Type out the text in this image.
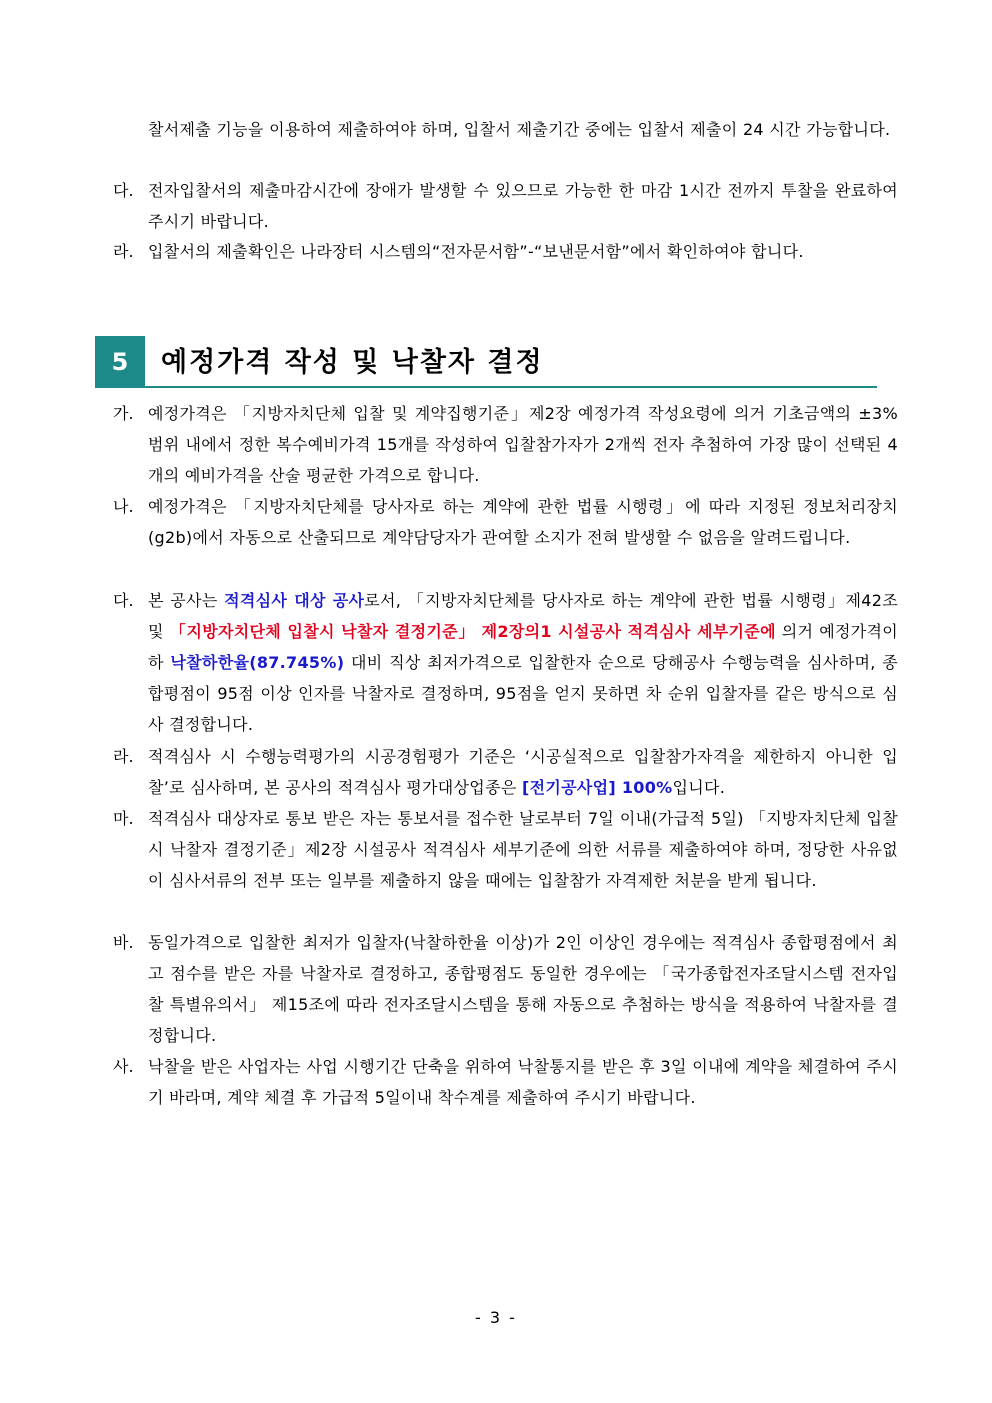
찰서제출 기능을 이용하여 제출하여야 하며, 입찰서 제출기간 중에는 입찰서 제출이 24 시간 가능합니다.
다. 전자입찰서의 제출마감시간에 장애가 발생할 수 있으므로 가능한 한 마감 1시간 전까지 투찰을 완료하여 주시기 바랍니다.
라. 입찰서의 제출확인은 나라장터 시스템의“전자문서함”-“보낸문서함”에서 확인하여야 합니다.
5	예정가격 작성 및 낙찰자 결정
가. 예정가격은 「지방자치단체 입찰 및 계약집행기준」제2장 예정가격 작성요령에 의거 기초금액의 ±3% 범위 내에서 정한 복수예비가격 15개를 작성하여 입찰참가자가 2개씩 전자 추첨하여 가장 많이 선택된 4개의 예비가격을 산술 평균한 가격으로 합니다.
나. 예정가격은 「지방자치단체를 당사자로 하는 계약에 관한 법률 시행령」에 따라 지정된 정보처리장치(g2b)에서 자동으로 산출되므로 계약담당자가 관여할 소지가 전혀 발생할 수 없음을 알려드립니다.
다. 본 공사는 적격심사 대상 공사로서, 「지방자치단체를 당사자로 하는 계약에 관한 법률 시행령」제42조 및 「지방자치단체 입찰시 낙찰자 결정기준」 제2장의1 시설공사 적격심사 세부기준에 의거 예정가격이하 낙찰하한율(87.745%) 대비 직상 최저가격으로 입찰한자 순으로 당해공사 수행능력을 심사하며, 종합평점이 95점 이상 인자를 낙찰자로 결정하며, 95점을 얻지 못하면 차 순위 입찰자를 같은 방식으로 심사 결정합니다.
라. 적격심사 시 수행능력평가의 시공경험평가 기준은 ‘시공실적으로 입찰참가자격을 제한하지 아니한 입찰’로 심사하며, 본 공사의 적격심사 평가대상업종은 [전기공사업] 100%입니다.
마. 적격심사 대상자로 통보 받은 자는 통보서를 접수한 날로부터 7일 이내(가급적 5일) 「지방자치단체 입찰시 낙찰자 결정기준」제2장 시설공사 적격심사 세부기준에 의한 서류를 제출하여야 하며, 정당한 사유없이 심사서류의 전부 또는 일부를 제출하지 않을 때에는 입찰참가 자격제한 처분을 받게 됩니다.
바. 동일가격으로 입찰한 최저가 입찰자(낙찰하한율 이상)가 2인 이상인 경우에는 적격심사 종합평점에서 최고 점수를 받은 자를 낙찰자로 결정하고, 종합평점도 동일한 경우에는 「국가종합전자조달시스템 전자입찰 특별유의서」 제15조에 따라 전자조달시스템을 통해 자동으로 추첨하는 방식을 적용하여 낙찰자를 결정합니다.
사. 낙찰을 받은 사업자는 사업 시행기간 단축을 위하여 낙찰통지를 받은 후 3일 이내에 계약을 체결하여 주시기 바라며, 계약 체결 후 가급적 5일이내 착수계를 제출하여 주시기 바랍니다.
- 3 -
